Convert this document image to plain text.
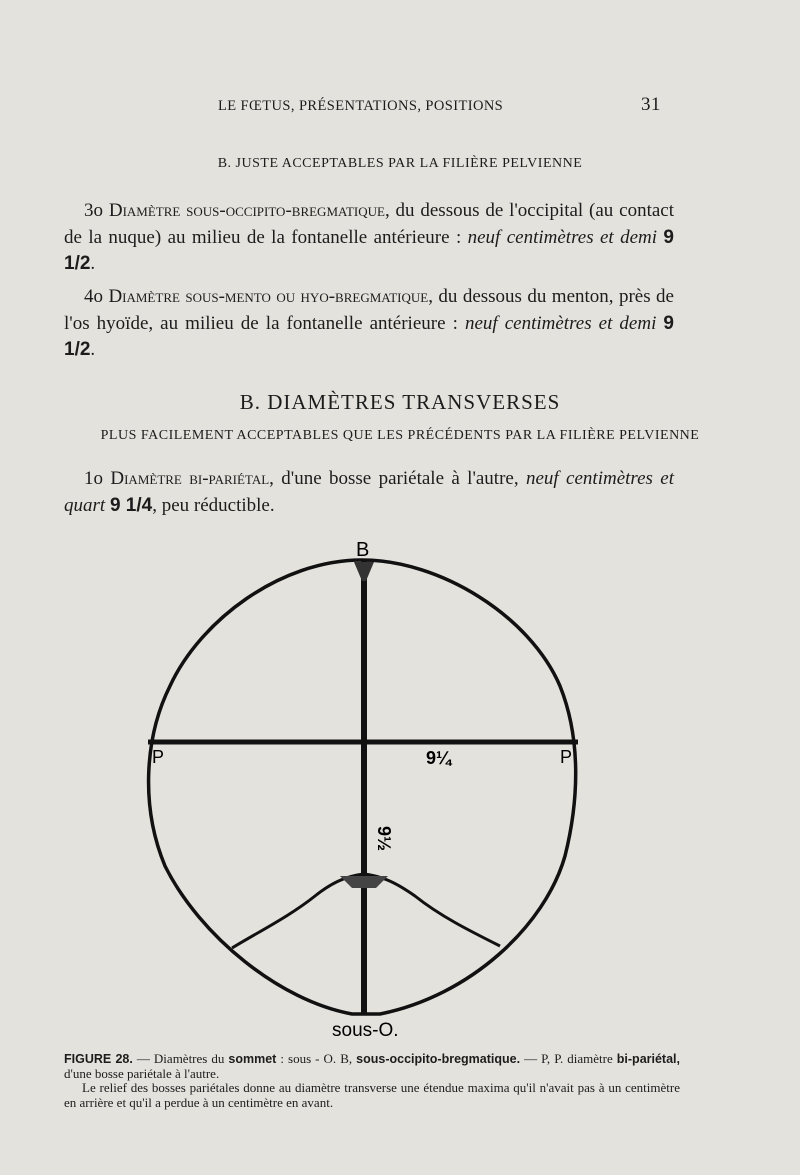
LE FŒTUS, PRÉSENTATIONS, POSITIONS	31
B. JUSTE ACCEPTABLES PAR LA FILIÈRE PELVIENNE
3o Diamètre sous-occipito-bregmatique, du dessous de l'occipital (au contact de la nuque) au milieu de la fontanelle antérieure : neuf centimètres et demi 9 1/2.
4o Diamètre sous-mento ou hyo-bregmatique, du dessous du menton, près de l'os hyoïde, au milieu de la fontanelle antérieure : neuf centimètres et demi 9 1/2.
B. DIAMÈTRES TRANSVERSES
PLUS FACILEMENT ACCEPTABLES QUE LES PRÉCÉDENTS PAR LA FILIÈRE PELVIENNE
1o Diamètre bi-pariétal, d'une bosse pariétale à l'autre, neuf centimètres et quart 9 1/4, peu réductible.
B
P	P
9¼
9½
sous-O.
FIGURE 28. — Diamètres du sommet : sous - O. B, sous-occipito-bregmatique. — P, P. diamètre bi-pariétal, d'une bosse pariétale à l'autre.
Le relief des bosses pariétales donne au diamètre transverse une étendue maxima qu'il n'avait pas à un centimètre en arrière et qu'il a perdue à un centimètre en avant.
